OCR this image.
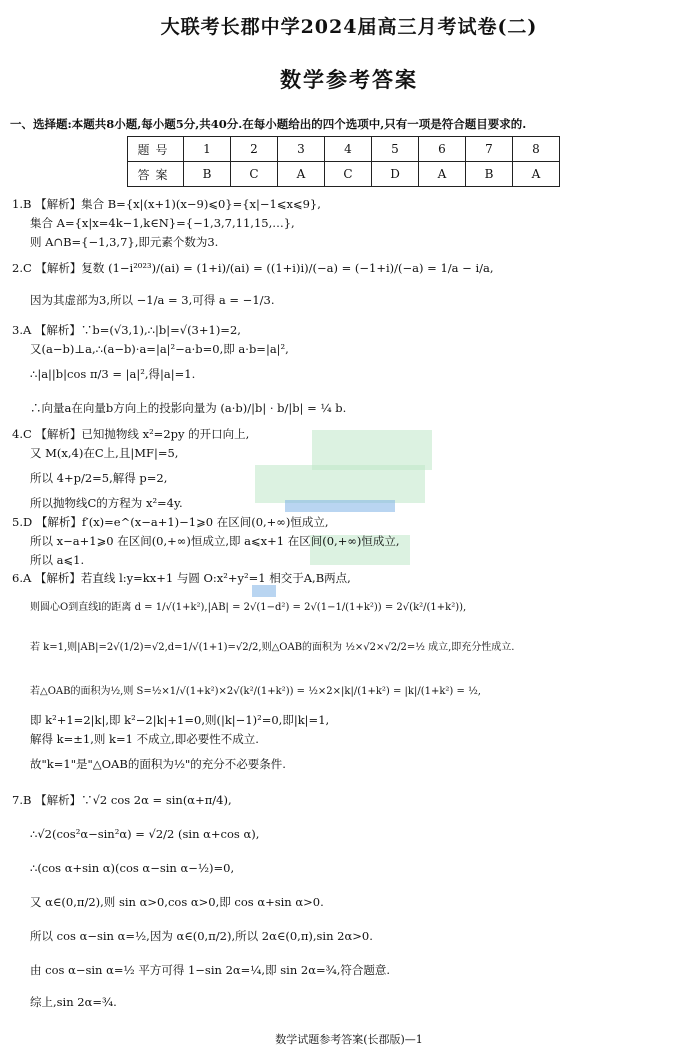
大联考长郡中学2024届高三月考试卷(二)
数学参考答案
一、选择题:本题共8小题,每小题5分,共40分.在每小题给出的四个选项中,只有一项是符合题目要求的.
题号	1	2	3	4	5	6	7	8
答案	B	C	A	C	D	A	B	A
1.B 【解析】集合 B={x|(x+1)(x−9)⩽0}={x|−1⩽x⩽9},
集合 A={x|x=4k−1,k∈N}={−1,3,7,11,15,…},
则 A∩B={−1,3,7},即元素个数为3.
2.C 【解析】复数 (1−i²⁰²³)/(ai) = (1+i)/(ai) = ((1+i)i)/(−a) = (−1+i)/(−a) = 1/a − i/a,
因为其虚部为3,所以 −1/a = 3,可得 a = −1/3.
3.A 【解析】∵b=(√3,1),∴|b|=√(3+1)=2,
又(a−b)⊥a,∴(a−b)·a=|a|²−a·b=0,即 a·b=|a|²,
∴|a||b|cos π/3 = |a|²,得|a|=1.
∴向量a在向量b方向上的投影向量为 (a·b)/|b| · b/|b| = ¼ b.
4.C 【解析】已知抛物线 x²=2py 的开口向上,
又 M(x,4)在C上,且|MF|=5,
所以 4+p/2=5,解得 p=2,
所以抛物线C的方程为 x²=4y.
5.D 【解析】f′(x)=e^(x−a+1)−1⩾0 在区间(0,+∞)恒成立,
所以 x−a+1⩾0 在区间(0,+∞)恒成立,即 a⩽x+1 在区间(0,+∞)恒成立,
所以 a⩽1.
6.A 【解析】若直线 l:y=kx+1 与圆 O:x²+y²=1 相交于A,B两点,
则圆心O到直线l的距离 d = 1/√(1+k²),|AB| = 2√(1−d²) = 2√(1−1/(1+k²)) = 2√(k²/(1+k²)),
若 k=1,则|AB|=2√(1/2)=√2,d=1/√(1+1)=√2/2,则△OAB的面积为 ½×√2×√2/2=½ 成立,即充分性成立.
若△OAB的面积为½,则 S=½×1/√(1+k²)×2√(k²/(1+k²)) = ½×2×|k|/(1+k²) = |k|/(1+k²) = ½,
即 k²+1=2|k|,即 k²−2|k|+1=0,则(|k|−1)²=0,即|k|=1,
解得 k=±1,则 k=1 不成立,即必要性不成立.
故"k=1"是"△OAB的面积为½"的充分不必要条件.
7.B 【解析】∵√2 cos 2α = sin(α+π/4),
∴√2(cos²α−sin²α) = √2/2 (sin α+cos α),
∴(cos α+sin α)(cos α−sin α−½)=0,
又 α∈(0,π/2),则 sin α>0,cos α>0,即 cos α+sin α>0.
所以 cos α−sin α=½,因为 α∈(0,π/2),所以 2α∈(0,π),sin 2α>0.
由 cos α−sin α=½ 平方可得 1−sin 2α=¼,即 sin 2α=¾,符合题意.
综上,sin 2α=¾.
数学试题参考答案(长郡版)—1
